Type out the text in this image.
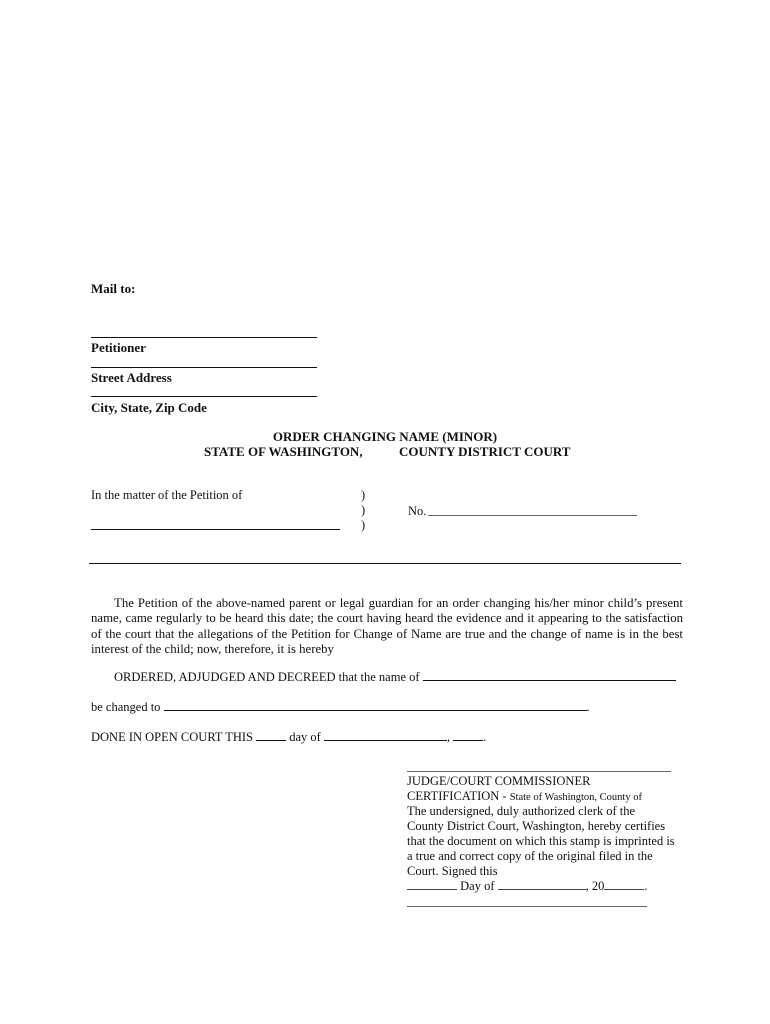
Mail to:
Petitioner
Street Address
City, State, Zip Code
ORDER CHANGING NAME (MINOR)
STATE OF WASHINGTON,	COUNTY DISTRICT COURT
In the matter of the Petition of	)
)
)
No.
The Petition of the above-named parent or legal guardian for an order changing his/her minor child’s present name, came regularly to be heard this date; the court having heard the evidence and it appearing to the satisfaction of the court that the allegations of the Petition for Change of Name are true and the change of name is in the best interest of the child; now, therefore, it is hereby
ORDERED, ADJUDGED AND DECREED that the name of
be changed to	.
DONE IN OPEN COURT THIS	day of	,	.
JUDGE/COURT COMMISSIONER
CERTIFICATION - State of Washington, County of
The undersigned, duly authorized clerk of the
County District Court, Washington, hereby certifies
that the document on which this stamp is imprinted is
a true and correct copy of the original filed in the
Court. Signed this
Day of	, 20	.
